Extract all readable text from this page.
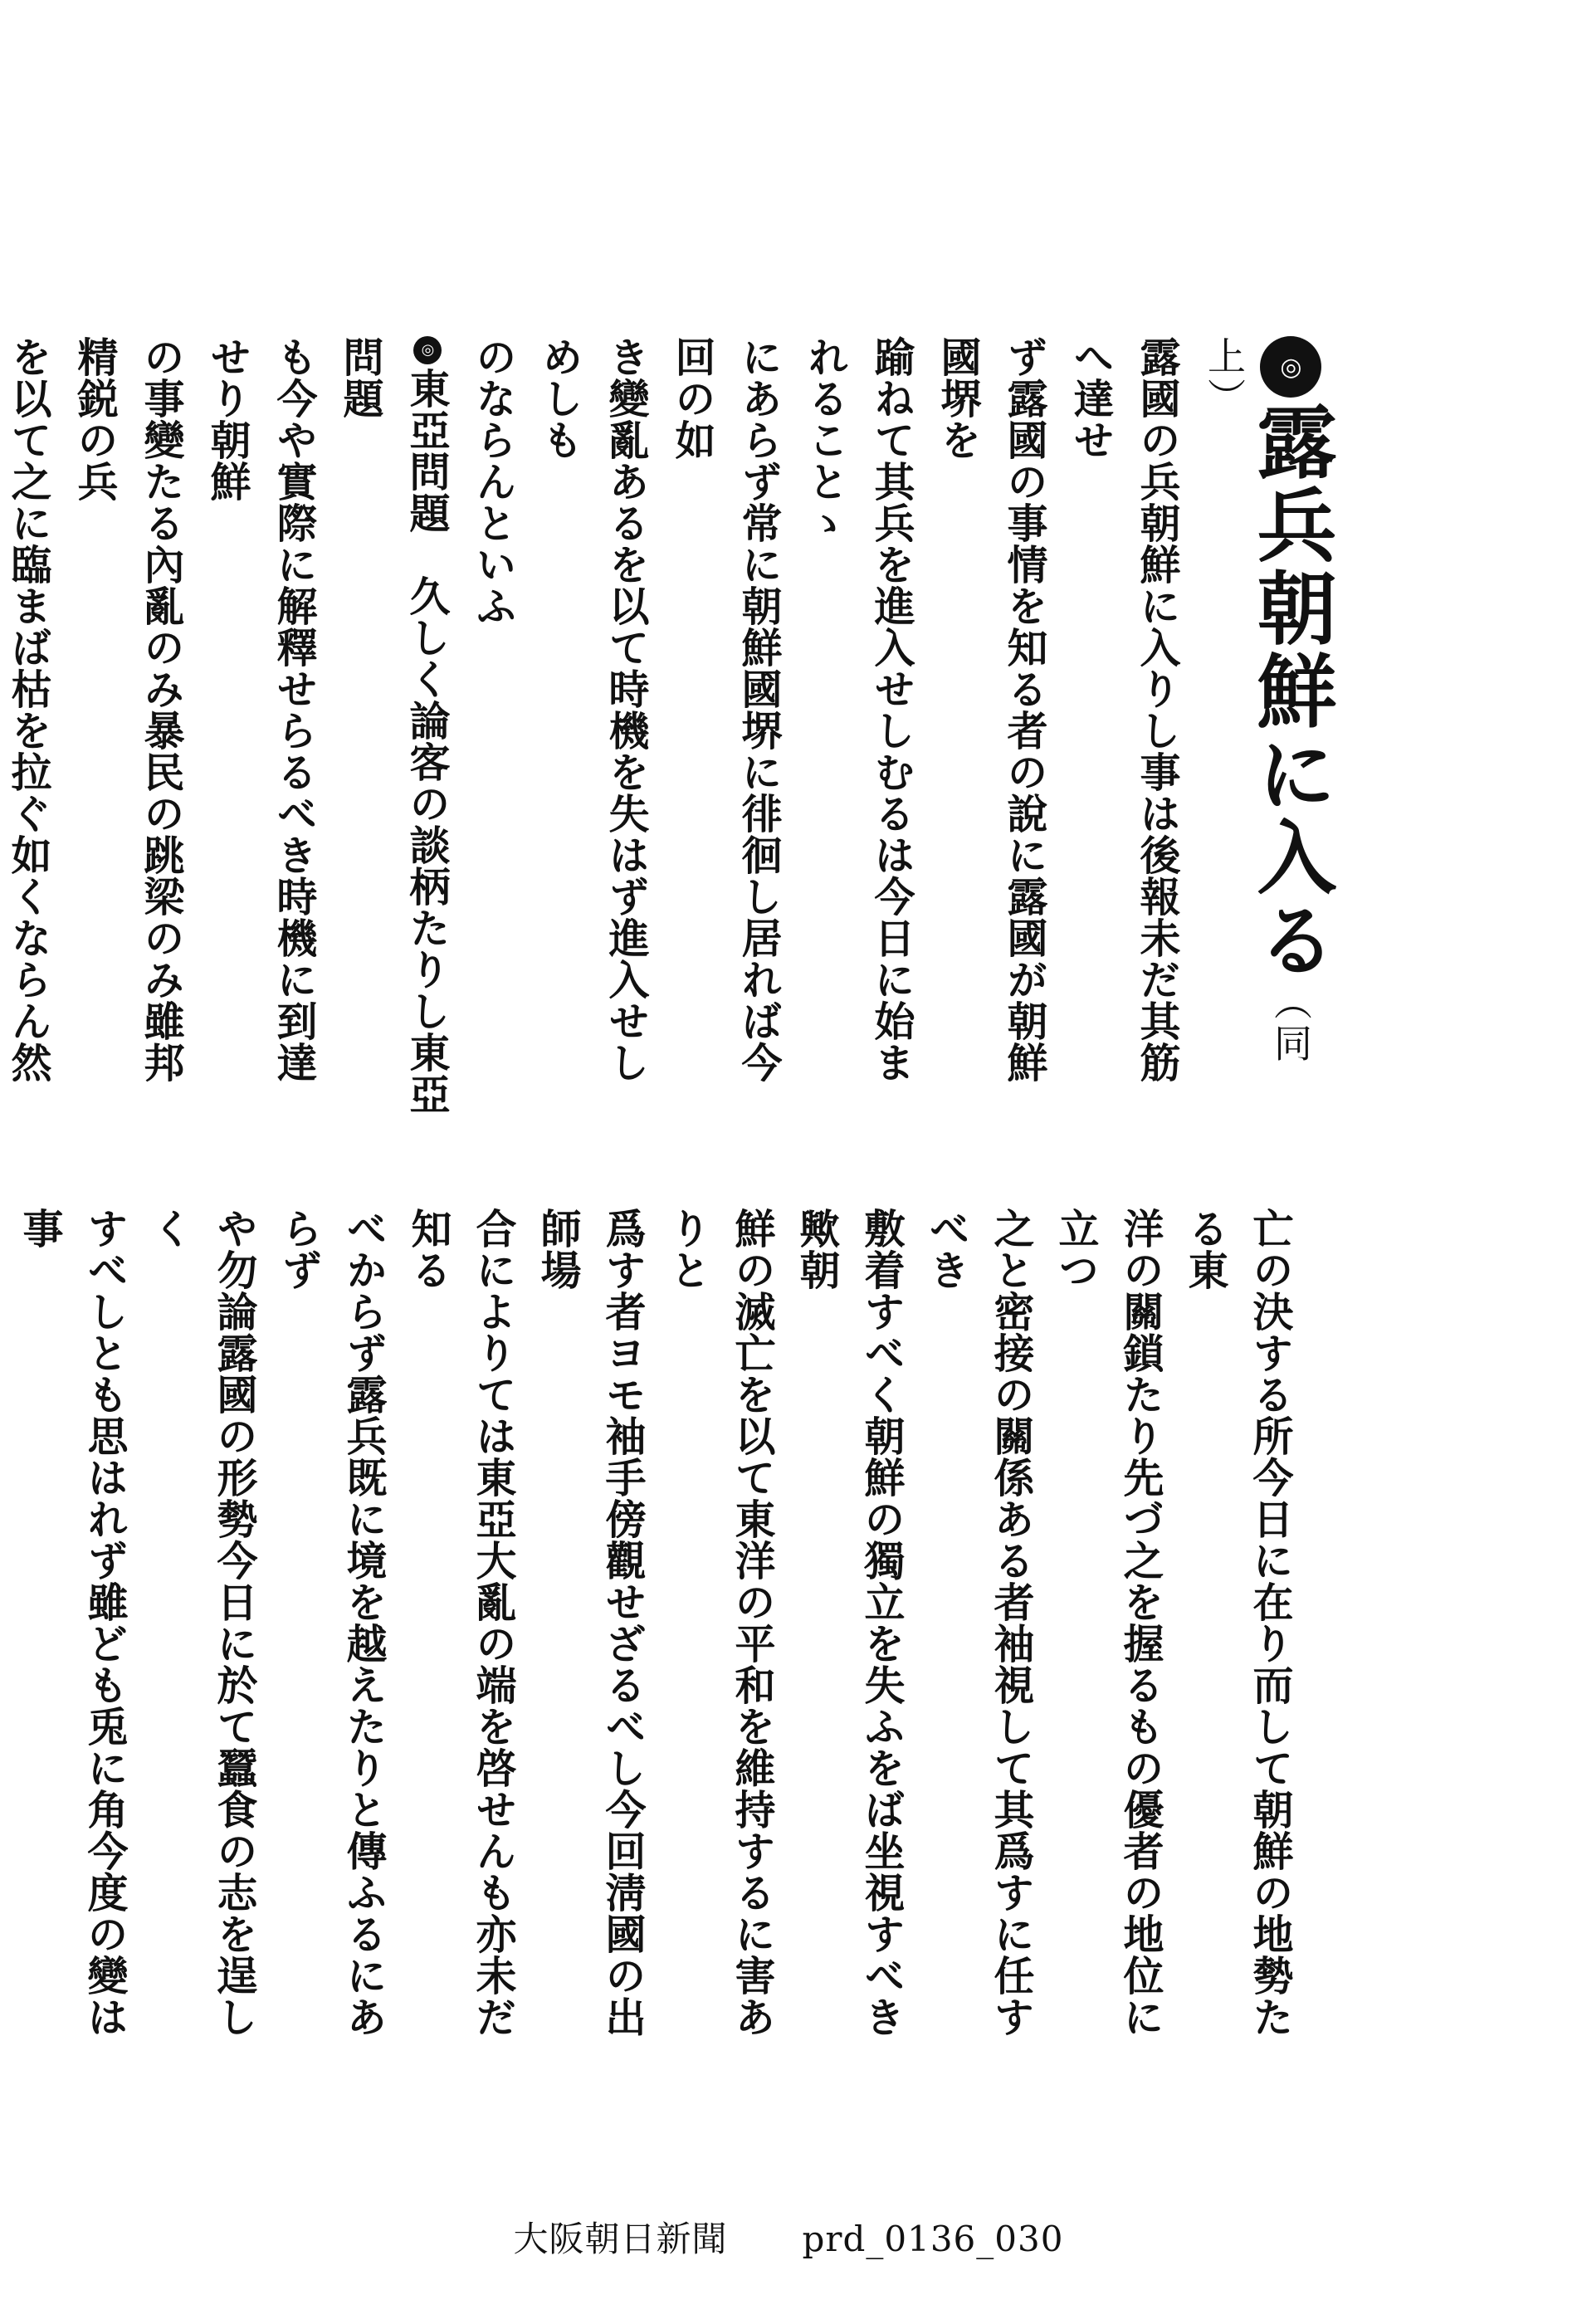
◎露兵朝鮮に入る（同上）
露國の兵朝鮮に入りし事は後報未だ其筋へ達せ
ず露國の事情を知る者の說に露國が朝鮮國堺を
踰ねて其兵を進入せしむるは今日に始まれることゝ
にあらず常に朝鮮國堺に徘徊し居れば今回の如
き變亂あるを以て時機を失はず進入せしめしも
のならんといふ
◎東亞問題　久しく論客の談柄たりし東亞問題
も今や實際に解釋せらるべき時機に到達せり朝鮮
の事變たる內亂のみ暴民の跳梁のみ雖邦精鋭の兵
を以て之に臨まば枯を拉ぐ如くならん然
亡の決する所今日に在り而して朝鮮の地勢たる東
洋の關鎖たり先づ之を握るもの優者の地位に立つ
之と密接の關係ある者袖視して其爲すに任すべき
敷着すべく朝鮮の獨立を失ふをば坐視すべき歟朝
鮮の滅亡を以て東洋の平和を維持するに害ありと
爲す者ヨモ袖手傍觀せざるべし今回淸國の出師場
合によりては東亞大亂の端を啓せんも亦未だ知る
べからず露兵既に境を越えたりと傳ふるにあらず
や勿論露國の形勢今日に於て蠶食の志を逞しく
すべしとも思はれず雖ども兎に角今度の變は事

大阪朝日新聞 prd_0136_030
